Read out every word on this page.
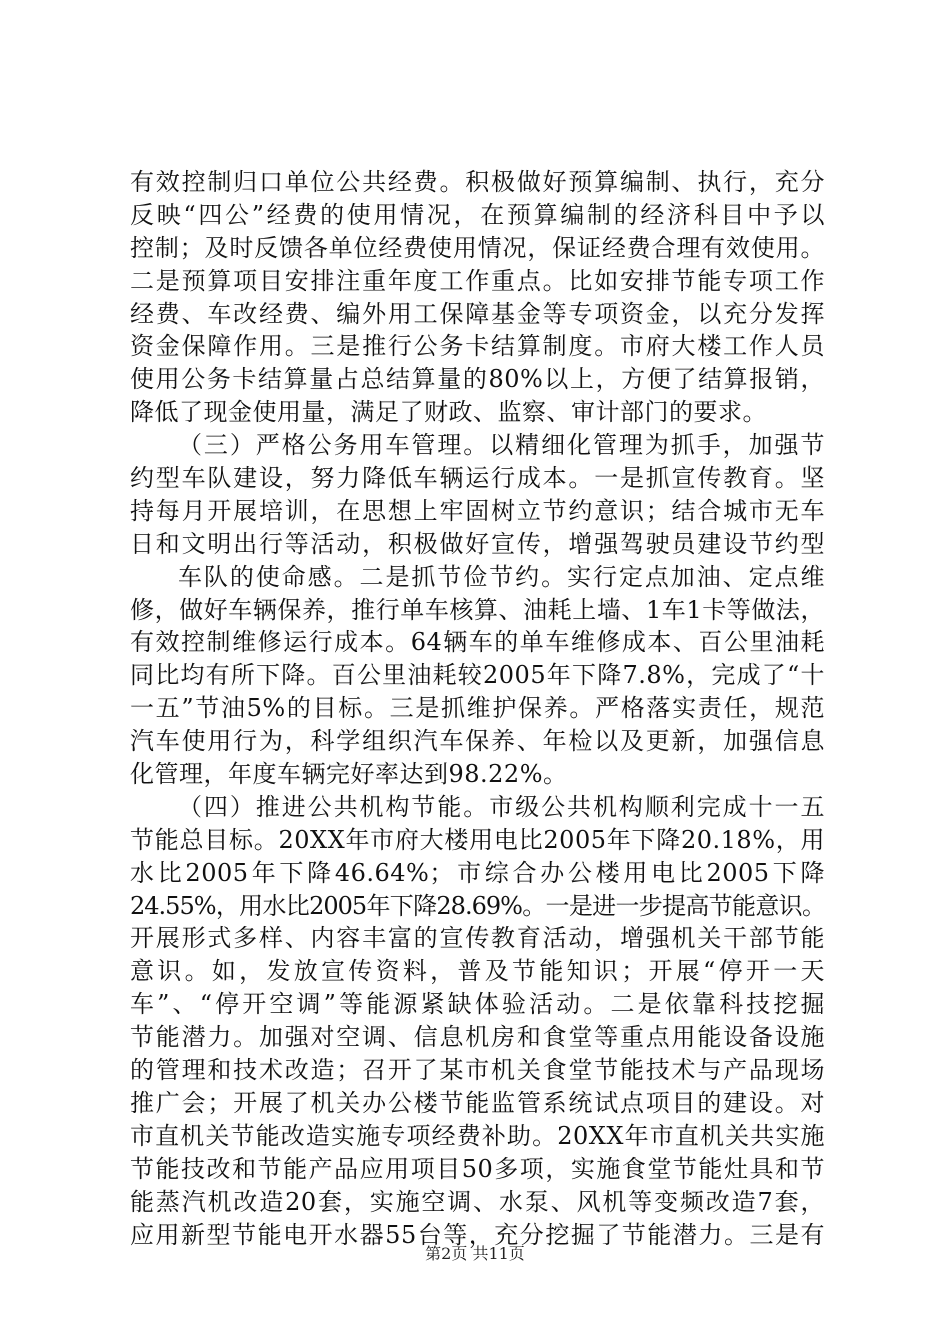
有效控制归口单位公共经费。积极做好预算编制、执行，充分
反映“四公”经费的使用情况，在预算编制的经济科目中予以
控制；及时反馈各单位经费使用情况，保证经费合理有效使用。
二是预算项目安排注重年度工作重点。比如安排节能专项工作
经费、车改经费、编外用工保障基金等专项资金，以充分发挥
资金保障作用。三是推行公务卡结算制度。市府大楼工作人员
使用公务卡结算量占总结算量的80%以上，方便了结算报销，
降低了现金使用量，满足了财政、监察、审计部门的要求。
（三）严格公务用车管理。以精细化管理为抓手，加强节
约型车队建设，努力降低车辆运行成本。一是抓宣传教育。坚
持每月开展培训，在思想上牢固树立节约意识；结合城市无车
日和文明出行等活动，积极做好宣传，增强驾驶员建设节约型
车队的使命感。二是抓节俭节约。实行定点加油、定点维
修，做好车辆保养，推行单车核算、油耗上墙、1车1卡等做法，
有效控制维修运行成本。64辆车的单车维修成本、百公里油耗
同比均有所下降。百公里油耗较2005年下降7.8%，完成了“十
一五”节油5%的目标。三是抓维护保养。严格落实责任，规范
汽车使用行为，科学组织汽车保养、年检以及更新，加强信息
化管理，年度车辆完好率达到98.22%。
（四）推进公共机构节能。市级公共机构顺利完成十一五
节能总目标。20XX年市府大楼用电比2005年下降20.18%，用
水比2005年下降46.64%；市综合办公楼用电比2005下降
24.55%，用水比2005年下降28.69%。一是进一步提高节能意识。
开展形式多样、内容丰富的宣传教育活动，增强机关干部节能
意识。如，发放宣传资料，普及节能知识；开展“停开一天
车”、“停开空调”等能源紧缺体验活动。二是依靠科技挖掘
节能潜力。加强对空调、信息机房和食堂等重点用能设备设施
的管理和技术改造；召开了某市机关食堂节能技术与产品现场
推广会；开展了机关办公楼节能监管系统试点项目的建设。对
市直机关节能改造实施专项经费补助。20XX年市直机关共实施
节能技改和节能产品应用项目50多项，实施食堂节能灶具和节
能蒸汽机改造20套，实施空调、水泵、风机等变频改造7套，
应用新型节能电开水器55台等，充分挖掘了节能潜力。三是有
第2页 共11页
